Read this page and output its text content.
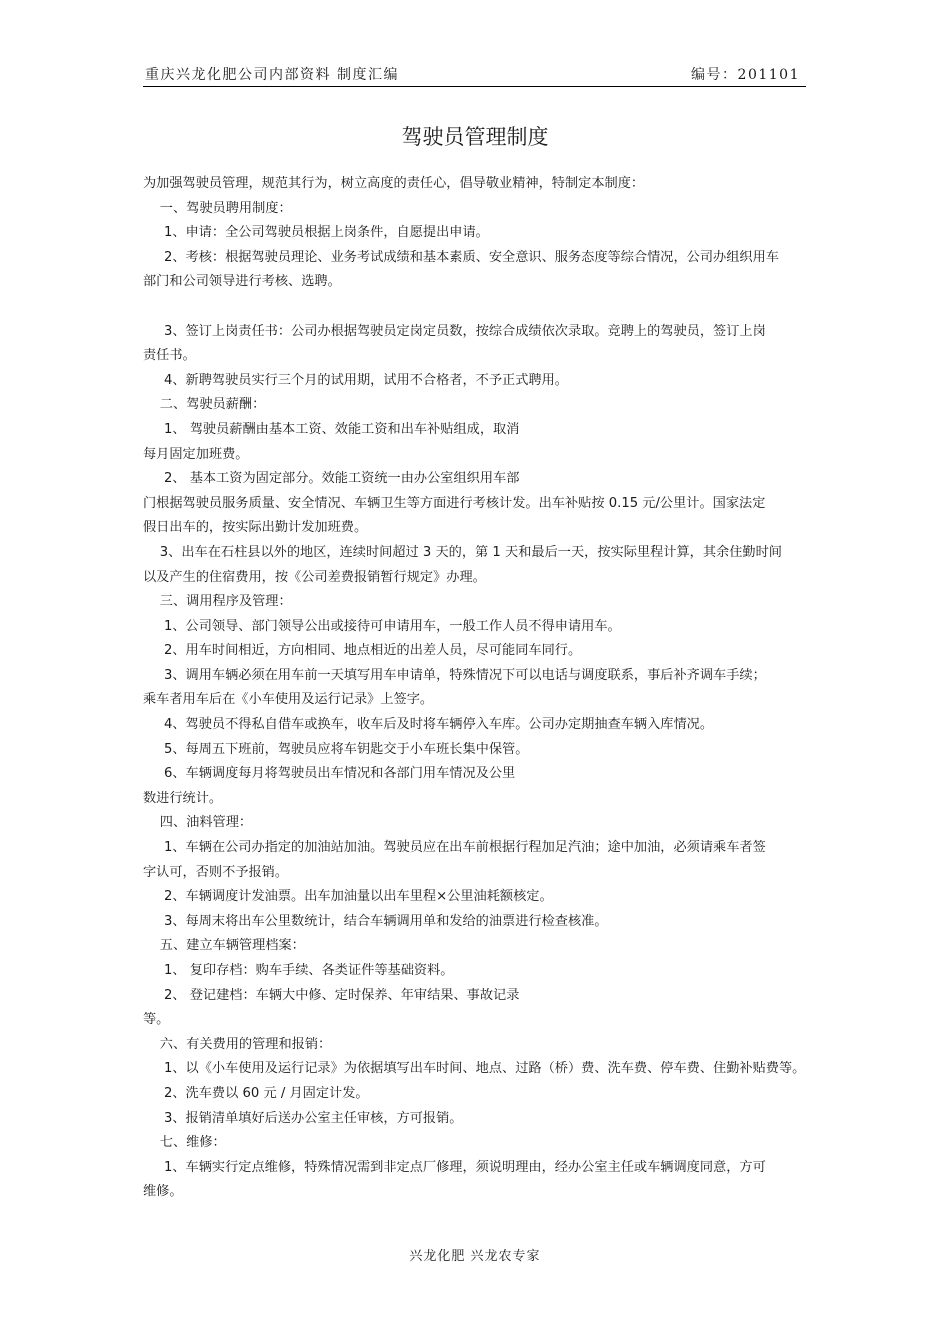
重庆兴龙化肥公司内部资料 制度汇编	编号：201101
驾驶员管理制度
为加强驾驶员管理，规范其行为，树立高度的责任心，倡导敬业精神，特制定本制度：
一、驾驶员聘用制度：
1、申请：全公司驾驶员根据上岗条件，自愿提出申请。
2、考核：根据驾驶员理论、业务考试成绩和基本素质、安全意识、服务态度等综合情况，公司办组织用车
部门和公司领导进行考核、选聘。
3、签订上岗责任书：公司办根据驾驶员定岗定员数，按综合成绩依次录取。竞聘上的驾驶员，签订上岗
责任书。
4、新聘驾驶员实行三个月的试用期，试用不合格者，不予正式聘用。
二、驾驶员薪酬：
1、 驾驶员薪酬由基本工资、效能工资和出车补贴组成，取消
每月固定加班费。
2、 基本工资为固定部分。效能工资统一由办公室组织用车部
门根据驾驶员服务质量、安全情况、车辆卫生等方面进行考核计发。出车补贴按 0.15 元/公里计。国家法定
假日出车的，按实际出勤计发加班费。
3、出车在石柱县以外的地区，连续时间超过 3 天的，第 1 天和最后一天，按实际里程计算，其余住勤时间
以及产生的住宿费用，按《公司差费报销暂行规定》办理。
三、调用程序及管理：
1、公司领导、部门领导公出或接待可申请用车，一般工作人员不得申请用车。
2、用车时间相近，方向相同、地点相近的出差人员，尽可能同车同行。
3、调用车辆必须在用车前一天填写用车申请单，特殊情况下可以电话与调度联系，事后补齐调车手续；
乘车者用车后在《小车使用及运行记录》上签字。
4、驾驶员不得私自借车或换车，收车后及时将车辆停入车库。公司办定期抽查车辆入库情况。
5、每周五下班前，驾驶员应将车钥匙交于小车班长集中保管。
6、车辆调度每月将驾驶员出车情况和各部门用车情况及公里
数进行统计。
四、油料管理：
1、车辆在公司办指定的加油站加油。驾驶员应在出车前根据行程加足汽油；途中加油，必须请乘车者签
字认可，否则不予报销。
2、车辆调度计发油票。出车加油量以出车里程×公里油耗额核定。
3、每周末将出车公里数统计，结合车辆调用单和发给的油票进行检查核准。
五、建立车辆管理档案：
1、 复印存档：购车手续、各类证件等基础资料。
2、 登记建档：车辆大中修、定时保养、年审结果、事故记录
等。
六、有关费用的管理和报销：
1、以《小车使用及运行记录》为依据填写出车时间、地点、过路（桥）费、洗车费、停车费、住勤补贴费等。
2、洗车费以 60 元 / 月固定计发。
3、报销清单填好后送办公室主任审核，方可报销。
七、维修：
1、车辆实行定点维修，特殊情况需到非定点厂修理，须说明理由，经办公室主任或车辆调度同意，方可
维修。
兴龙化肥 兴龙农专家
